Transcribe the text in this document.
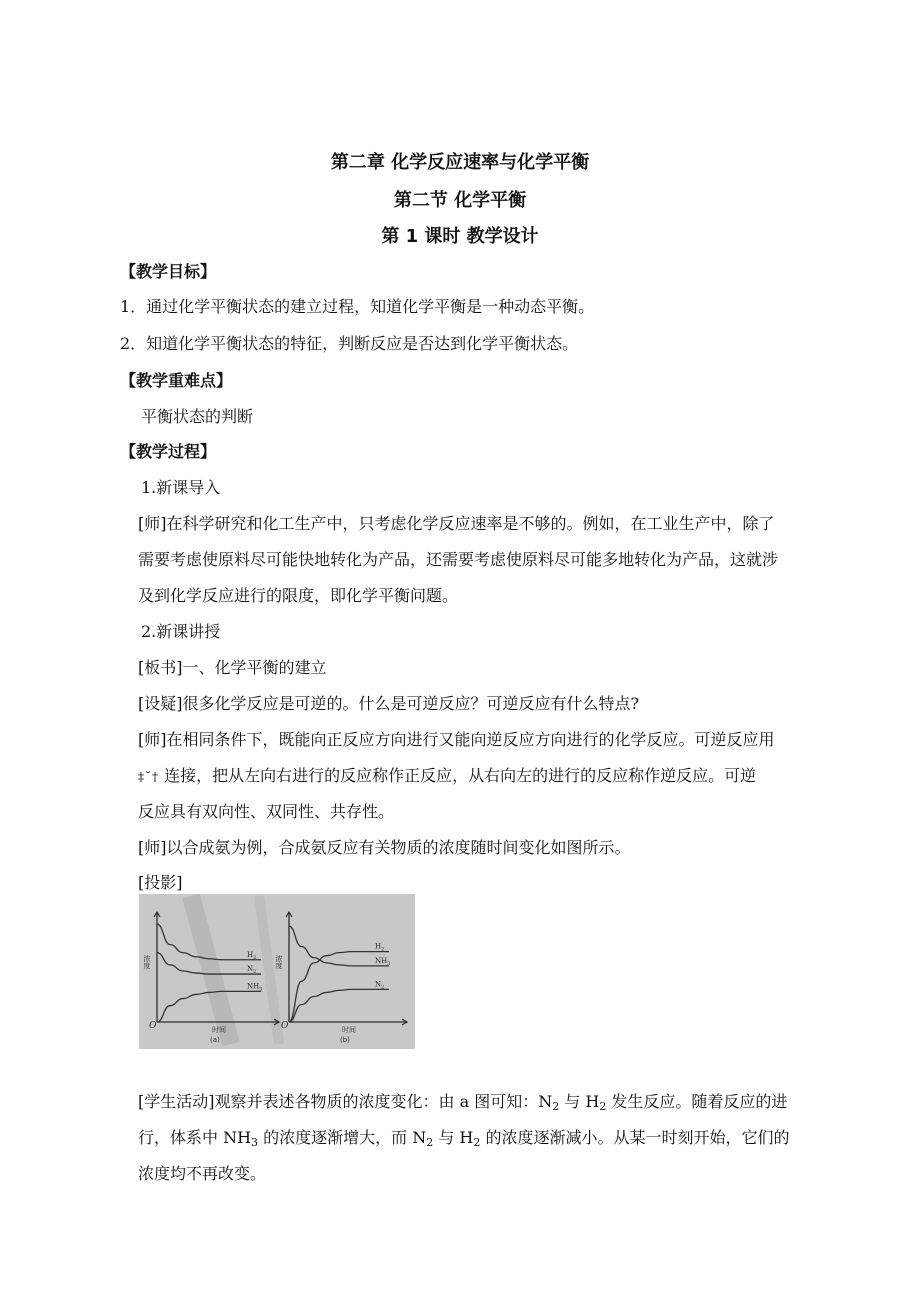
第二章 化学反应速率与化学平衡
第二节 化学平衡
第 1 课时 教学设计
【教学目标】
1．通过化学平衡状态的建立过程，知道化学平衡是一种动态平衡。
2．知道化学平衡状态的特征，判断反应是否达到化学平衡状态。
【教学重难点】
平衡状态的判断
【教学过程】
1.新课导入
[师]在科学研究和化工生产中，只考虑化学反应速率是不够的。例如，在工业生产中，除了
需要考虑使原料尽可能快地转化为产品，还需要考虑使原料尽可能多地转化为产品，这就涉
及到化学反应进行的限度，即化学平衡问题。
2.新课讲授
[板书]一、化学平衡的建立
[设疑]很多化学反应是可逆的。什么是可逆反应？可逆反应有什么特点?
[师]在相同条件下，既能向正反应方向进行又能向逆反应方向进行的化学反应。可逆反应用
‡˘† 连接，把从左向右进行的反应称作正反应，从右向左的进行的反应称作逆反应。可逆
反应具有双向性、双同性、共存性。
[师]以合成氨为例，合成氨反应有关物质的浓度随时间变化如图所示。
[投影]
O	时间
(a)
浓度
$H_2$
$N_2$
$NH_3$
O	时间
(b)
浓度
$H_2$
$NH_3$
$N_2$
[学生活动]观察并表述各物质的浓度变化：由 a 图可知：$N_2$ 与 $H_2$ 发生反应。随着反应的进
行，体系中 $NH_3$ 的浓度逐渐增大，而 $N_2$ 与 $H_2$ 的浓度逐渐减小。从某一时刻开始，它们的
浓度均不再改变。
